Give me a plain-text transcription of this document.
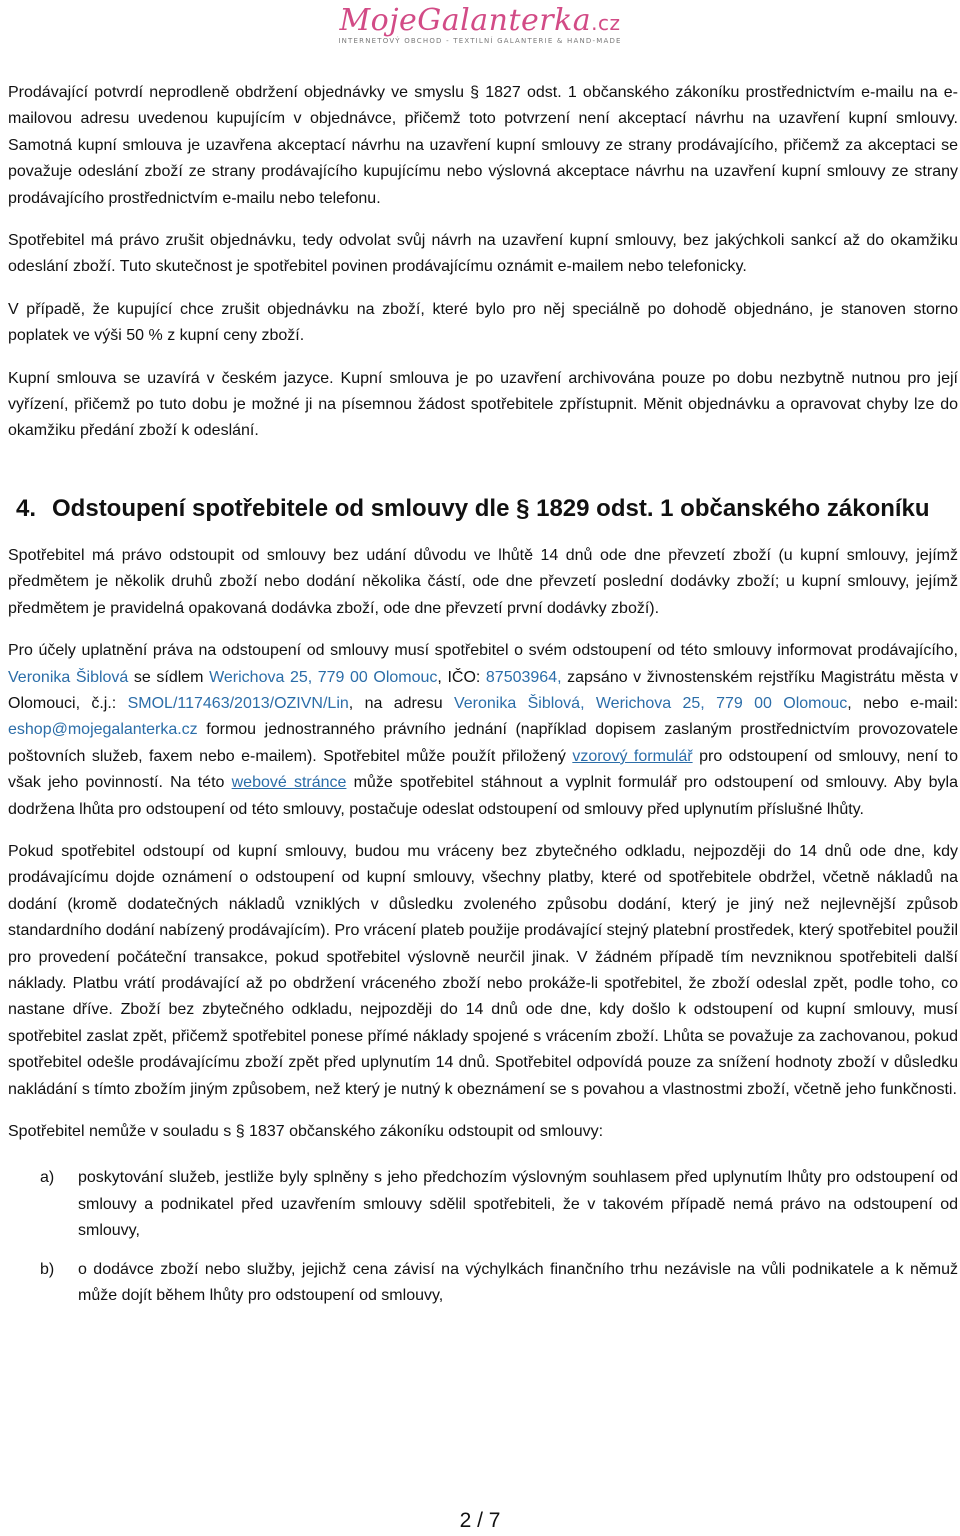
MojeGalanterka.cz
INTERNETOVÝ OBCHOD - TEXTILNÍ GALANTERIE & HAND-MADE

Prodávající potvrdí neprodleně obdržení objednávky ve smyslu § 1827 odst. 1 občanského zákoníku prostřednictvím e-mailu na e-mailovou adresu uvedenou kupujícím v objednávce, přičemž toto potvrzení není akceptací návrhu na uzavření kupní smlouvy. Samotná kupní smlouva je uzavřena akceptací návrhu na uzavření kupní smlouvy ze strany prodávajícího, přičemž za akceptaci se považuje odeslání zboží ze strany prodávajícího kupujícímu nebo výslovná akceptace návrhu na uzavření kupní smlouvy ze strany prodávajícího prostřednictvím e-mailu nebo telefonu.

Spotřebitel má právo zrušit objednávku, tedy odvolat svůj návrh na uzavření kupní smlouvy, bez jakýchkoli sankcí až do okamžiku odeslání zboží. Tuto skutečnost je spotřebitel povinen prodávajícímu oznámit e-mailem nebo telefonicky.

V případě, že kupující chce zrušit objednávku na zboží, které bylo pro něj speciálně po dohodě objednáno, je stanoven storno poplatek ve výši 50 % z kupní ceny zboží.

Kupní smlouva se uzavírá v českém jazyce. Kupní smlouva je po uzavření archivována pouze po dobu nezbytně nutnou pro její vyřízení, přičemž po tuto dobu je možné ji na písemnou žádost spotřebitele zpřístupnit. Měnit objednávku a opravovat chyby lze do okamžiku předání zboží k odeslání.

4. Odstoupení spotřebitele od smlouvy dle § 1829 odst. 1 občanského zákoníku

Spotřebitel má právo odstoupit od smlouvy bez udání důvodu ve lhůtě 14 dnů ode dne převzetí zboží (u kupní smlouvy, jejímž předmětem je několik druhů zboží nebo dodání několika částí, ode dne převzetí poslední dodávky zboží; u kupní smlouvy, jejímž předmětem je pravidelná opakovaná dodávka zboží, ode dne převzetí první dodávky zboží).

Pro účely uplatnění práva na odstoupení od smlouvy musí spotřebitel o svém odstoupení od této smlouvy informovat prodávajícího, Veronika Šiblová se sídlem Werichova 25, 779 00 Olomouc, IČO: 87503964, zapsáno v živnostenském rejstříku Magistrátu města v Olomouci, č.j.: SMOL/117463/2013/OZIVN/Lin, na adresu Veronika Šiblová, Werichova 25, 779 00 Olomouc, nebo e-mail: eshop@mojegalanterka.cz formou jednostranného právního jednání (například dopisem zaslaným prostřednictvím provozovatele poštovních služeb, faxem nebo e-mailem). Spotřebitel může použít přiložený vzorový formulář pro odstoupení od smlouvy, není to však jeho povinností. Na této webové stránce může spotřebitel stáhnout a vyplnit formulář pro odstoupení od smlouvy. Aby byla dodržena lhůta pro odstoupení od této smlouvy, postačuje odeslat odstoupení od smlouvy před uplynutím příslušné lhůty.

Pokud spotřebitel odstoupí od kupní smlouvy, budou mu vráceny bez zbytečného odkladu, nejpozději do 14 dnů ode dne, kdy prodávajícímu dojde oznámení o odstoupení od kupní smlouvy, všechny platby, které od spotřebitele obdržel, včetně nákladů na dodání (kromě dodatečných nákladů vzniklých v důsledku zvoleného způsobu dodání, který je jiný než nejlevnější způsob standardního dodání nabízený prodávajícím). Pro vrácení plateb použije prodávající stejný platební prostředek, který spotřebitel použil pro provedení počáteční transakce, pokud spotřebitel výslovně neurčil jinak. V žádném případě tím nevzniknou spotřebiteli další náklady. Platbu vrátí prodávající až po obdržení vráceného zboží nebo prokáže-li spotřebitel, že zboží odeslal zpět, podle toho, co nastane dříve. Zboží bez zbytečného odkladu, nejpozději do 14 dnů ode dne, kdy došlo k odstoupení od kupní smlouvy, musí spotřebitel zaslat zpět, přičemž spotřebitel ponese přímé náklady spojené s vrácením zboží. Lhůta se považuje za zachovanou, pokud spotřebitel odešle prodávajícímu zboží zpět před uplynutím 14 dnů. Spotřebitel odpovídá pouze za snížení hodnoty zboží v důsledku nakládání s tímto zbožím jiným způsobem, než který je nutný k obeznámení se s povahou a vlastnostmi zboží, včetně jeho funkčnosti.

Spotřebitel nemůže v souladu s § 1837 občanského zákoníku odstoupit od smlouvy:

a) poskytování služeb, jestliže byly splněny s jeho předchozím výslovným souhlasem před uplynutím lhůty pro odstoupení od smlouvy a podnikatel před uzavřením smlouvy sdělil spotřebiteli, že v takovém případě nemá právo na odstoupení od smlouvy,

b) o dodávce zboží nebo služby, jejichž cena závisí na výchylkách finančního trhu nezávisle na vůli podnikatele a k němuž může dojít během lhůty pro odstoupení od smlouvy,

2 / 7
